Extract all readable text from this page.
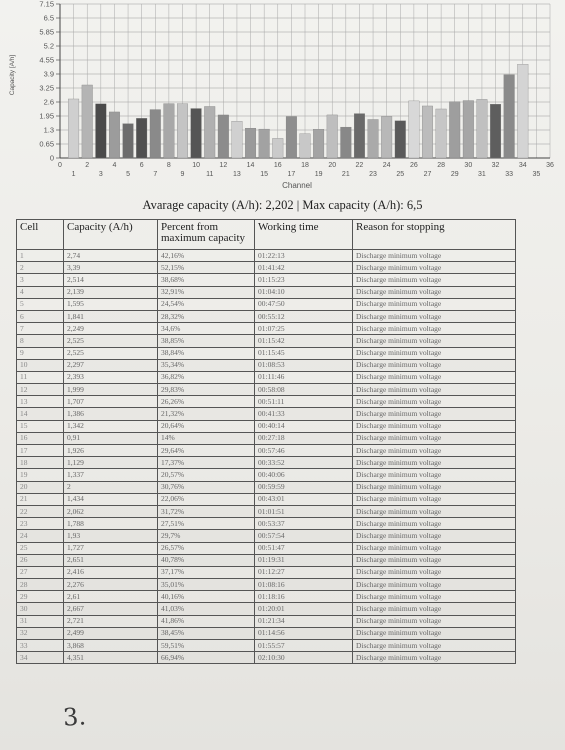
7.15
6.5
5.85
5.2
4.55
3.9
3.25
2.6
1.95
1.3
0.65
0
0	2	4	6	8	10	12	14	16	18	20	22	24	26	28	30	32	34	36
1	3	5	7	9	11	13	15	17	19	21	23	25	27	29	31	33	35
Channel
Capacity [A/h]
Avarage capacity (A/h): 2,202 | Max capacity (A/h): 6,5
Cell	Capacity (A/h)	Percent from maximum capacity	Working time	Reason for stopping
1	2,74	42,16%	01:22:13	Discharge minimum voltage
2	3,39	52,15%	01:41:42	Discharge minimum voltage
3	2,514	38,68%	01:15:23	Discharge minimum voltage
4	2,139	32,91%	01:04:10	Discharge minimum voltage
5	1,595	24,54%	00:47:50	Discharge minimum voltage
6	1,841	28,32%	00:55:12	Discharge minimum voltage
7	2,249	34,6%	01:07:25	Discharge minimum voltage
8	2,525	38,85%	01:15:42	Discharge minimum voltage
9	2,525	38,84%	01:15:45	Discharge minimum voltage
10	2,297	35,34%	01:08:53	Discharge minimum voltage
11	2,393	36,82%	01:11:46	Discharge minimum voltage
12	1,999	29,83%	00:58:08	Discharge minimum voltage
13	1,707	26,26%	00:51:11	Discharge minimum voltage
14	1,386	21,32%	00:41:33	Discharge minimum voltage
15	1,342	20,64%	00:40:14	Discharge minimum voltage
16	0,91	14%	00:27:18	Discharge minimum voltage
17	1,926	29,64%	00:57:46	Discharge minimum voltage
18	1,129	17,37%	00:33:52	Discharge minimum voltage
19	1,337	20,57%	00:40:06	Discharge minimum voltage
20	2	30,76%	00:59:59	Discharge minimum voltage
21	1,434	22,06%	00:43:01	Discharge minimum voltage
22	2,062	31,72%	01:01:51	Discharge minimum voltage
23	1,788	27,51%	00:53:37	Discharge minimum voltage
24	1,93	29,7%	00:57:54	Discharge minimum voltage
25	1,727	26,57%	00:51:47	Discharge minimum voltage
26	2,651	40,78%	01:19:31	Discharge minimum voltage
27	2,416	37,17%	01:12:27	Discharge minimum voltage
28	2,276	35,01%	01:08:16	Discharge minimum voltage
29	2,61	40,16%	01:18:16	Discharge minimum voltage
30	2,667	41,03%	01:20:01	Discharge minimum voltage
31	2,721	41,86%	01:21:34	Discharge minimum voltage
32	2,499	38,45%	01:14:56	Discharge minimum voltage
33	3,868	59,51%	01:55:57	Discharge minimum voltage
34	4,351	66,94%	02:10:30	Discharge minimum voltage
3.
